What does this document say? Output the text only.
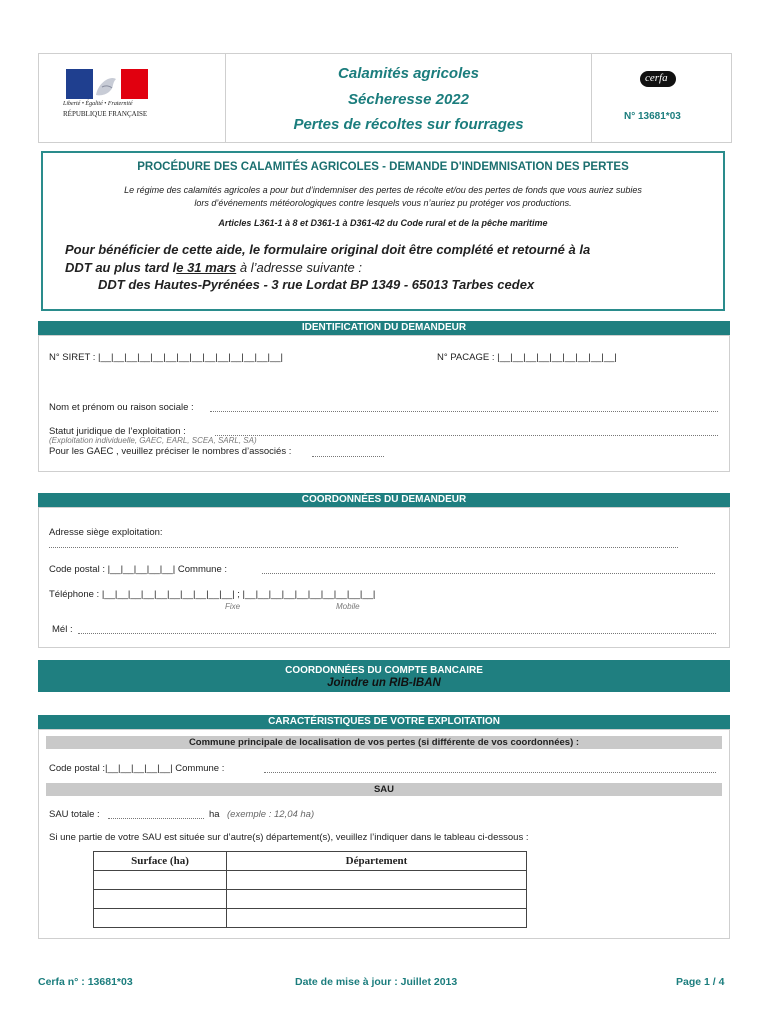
Liberté • Égalité • Fraternité
RÉPUBLIQUE FRANÇAISE
Calamités agricoles
Sécheresse 2022
Pertes de récoltes sur fourrages
cerfa
N° 13681*03
PROCÉDURE DES CALAMITÉS AGRICOLES - DEMANDE D'INDEMNISATION DES PERTES
Le régime des calamités agricoles a pour but d’indemniser des pertes de récolte et/ou des pertes de fonds que vous auriez subies
lors d’événements météorologiques contre lesquels vous n’auriez pu protéger vos productions.
Articles L361-1 à 8 et D361-1 à D361-42 du Code rural et de la pêche maritime
Pour bénéficier de cette aide, le formulaire original doit être complété et retourné à la
DDT au plus tard le 31 mars à l’adresse suivante :
DDT des Hautes-Pyrénées - 3 rue Lordat BP 1349 - 65013 Tarbes cedex
IDENTIFICATION DU DEMANDEUR
N° SIRET : |__|__|__|__|__|__|__|__|__|__|__|__|__|__|	N° PACAGE : |__|__|__|__|__|__|__|__|__|
Nom et prénom ou raison sociale :
Statut juridique de l’exploitation :
(Exploitation individuelle, GAEC, EARL, SCEA, SARL, SA)
Pour les GAEC , veuillez préciser le nombres d’associés :
COORDONNÉES DU DEMANDEUR
Adresse siège exploitation:
Code postal : |__|__|__|__|__| Commune :
Téléphone : |__|__|__|__|__|__|__|__|__|__| ; |__|__|__|__|__|__|__|__|__|__|
Fixe	Mobile
Mél :
COORDONNÉES DU COMPTE BANCAIRE
Joindre un RIB-IBAN
CARACTÉRISTIQUES DE VOTRE EXPLOITATION
Commune principale de localisation de vos pertes (si différente de vos coordonnées) :
Code postal :|__|__|__|__|__| Commune :
SAU
SAU totale :	ha (exemple : 12,04 ha)
Si une partie de votre SAU est située sur d’autre(s) département(s), veuillez l’indiquer dans le tableau ci-dessous :
Surface (ha)	Département

Cerfa n° : 13681*03	Date de mise à jour : Juillet 2013	Page 1 / 4
